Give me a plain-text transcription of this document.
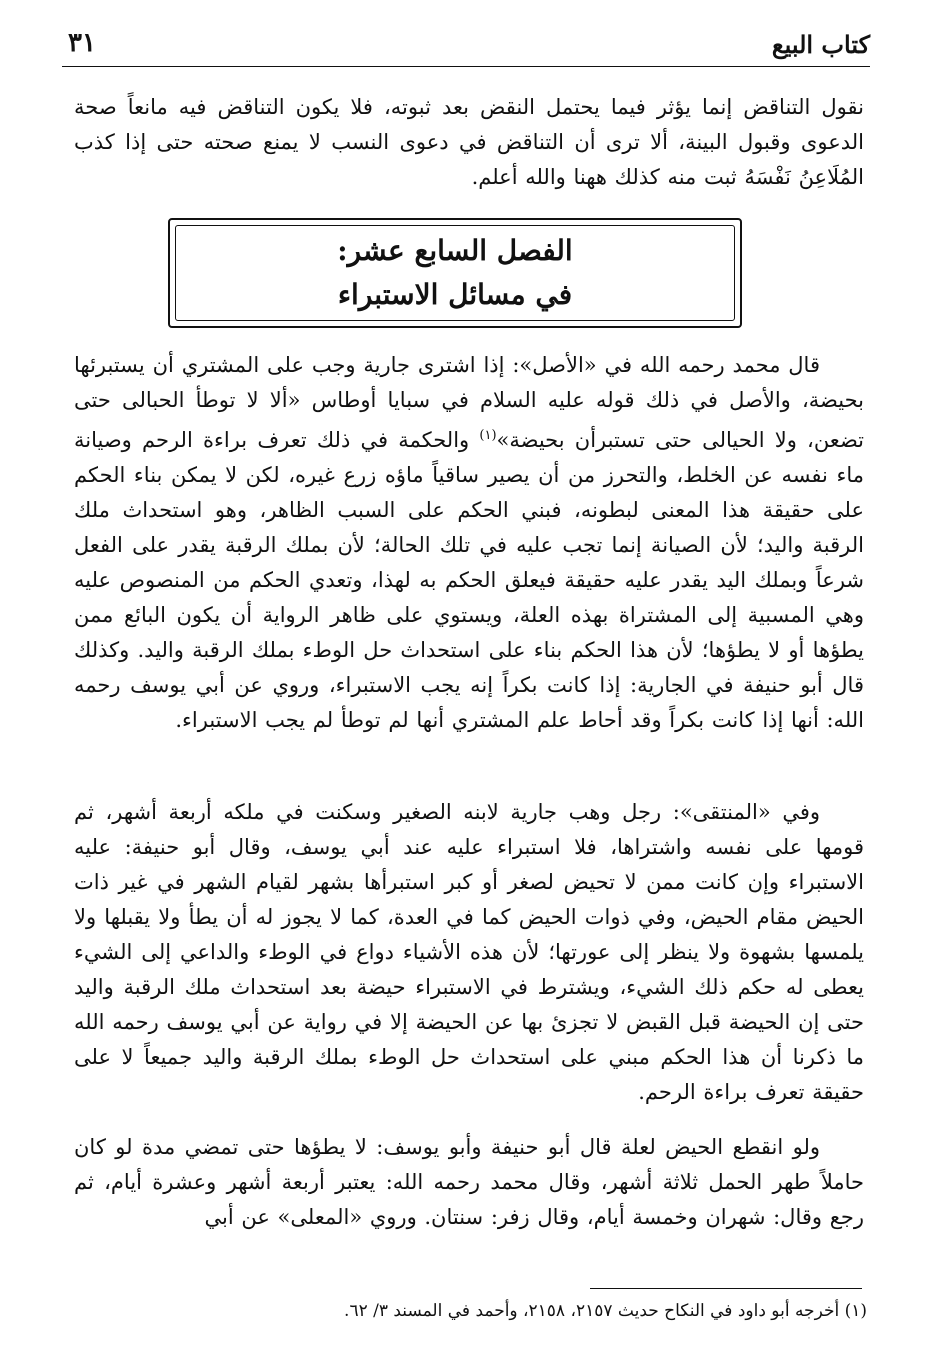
كتاب البيع
٣١

نقول التناقض إنما يؤثر فيما يحتمل النقض بعد ثبوته، فلا يكون التناقض فيه مانعاً صحة الدعوى وقبول البينة، ألا ترى أن التناقض في دعوى النسب لا يمنع صحته حتى إذا كذب المُلَاعِنُ نَفْسَهُ ثبت منه كذلك ههنا والله أعلم.

الفصل السابع عشر:
في مسائل الاستبراء

قال محمد رحمه الله في «الأصل»: إذا اشترى جارية وجب على المشتري أن يستبرئها بحيضة، والأصل في ذلك قوله عليه السلام في سبايا أوطاس «ألا لا توطأ الحبالى حتى تضعن، ولا الحيالى حتى تستبرأن بحيضة»$^{(١)}$ والحكمة في ذلك تعرف براءة الرحم وصيانة ماء نفسه عن الخلط، والتحرز من أن يصير ساقياً ماؤه زرع غيره، لكن لا يمكن بناء الحكم على حقيقة هذا المعنى لبطونه، فبني الحكم على السبب الظاهر، وهو استحداث ملك الرقبة واليد؛ لأن الصيانة إنما تجب عليه في تلك الحالة؛ لأن بملك الرقبة يقدر على الفعل شرعاً وبملك اليد يقدر عليه حقيقة فيعلق الحكم به لهذا، وتعدي الحكم من المنصوص عليه وهي المسبية إلى المشتراة بهذه العلة، ويستوي على ظاهر الرواية أن يكون البائع ممن يطؤها أو لا يطؤها؛ لأن هذا الحكم بناء على استحداث حل الوطء بملك الرقبة واليد. وكذلك قال أبو حنيفة في الجارية: إذا كانت بكراً إنه يجب الاستبراء، وروي عن أبي يوسف رحمه الله: أنها إذا كانت بكراً وقد أحاط علم المشتري أنها لم توطأ لم يجب الاستبراء.

وفي «المنتقى»: رجل وهب جارية لابنه الصغير وسكنت في ملكه أربعة أشهر، ثم قومها على نفسه واشتراها، فلا استبراء عليه عند أبي يوسف، وقال أبو حنيفة: عليه الاستبراء وإن كانت ممن لا تحيض لصغر أو كبر استبرأها بشهر لقيام الشهر في غير ذات الحيض مقام الحيض، وفي ذوات الحيض كما في العدة، كما لا يجوز له أن يطأ ولا يقبلها ولا يلمسها بشهوة ولا ينظر إلى عورتها؛ لأن هذه الأشياء دواع في الوطء والداعي إلى الشيء يعطى له حكم ذلك الشيء، ويشترط في الاستبراء حيضة بعد استحداث ملك الرقبة واليد حتى إن الحيضة قبل القبض لا تجزئ بها عن الحيضة إلا في رواية عن أبي يوسف رحمه الله ما ذكرنا أن هذا الحكم مبني على استحداث حل الوطء بملك الرقبة واليد جميعاً لا على حقيقة تعرف براءة الرحم.

ولو انقطع الحيض لعلة قال أبو حنيفة وأبو يوسف: لا يطؤها حتى تمضي مدة لو كان حاملاً طهر الحمل ثلاثة أشهر، وقال محمد رحمه الله: يعتبر أربعة أشهر وعشرة أيام، ثم رجع وقال: شهران وخمسة أيام، وقال زفر: سنتان. وروي «المعلى» عن أبي

(١) أخرجه أبو داود في النكاح حديث ٢١٥٧، ٢١٥٨، وأحمد في المسند ٣/ ٦٢.
